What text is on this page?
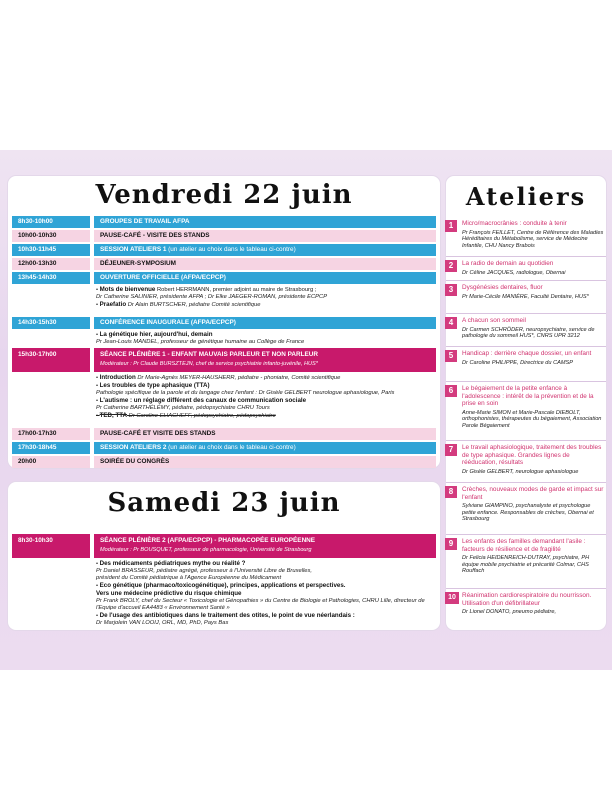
Vendredi 22 juin
8h30-10h00	GROUPES DE TRAVAIL AFPA
10h00-10h30	PAUSE-CAFÉ - VISITE DES STANDS
10h30-11h45	SESSION ATELIERS 1 (un atelier au choix dans le tableau ci-contre)
12h00-13h30	DÉJEUNER-SYMPOSIUM
13h45-14h30	OUVERTURE OFFICIELLE (AFPA/ECPCP)
• Mots de bienvenue Robert HERRMANN, premier adjoint au maire de Strasbourg ;
Dr Catherine SALINIER, présidente AFPA ; Dr Elke JAEGER-ROMAN, présidente ECPCP
• Praefatio Dr Alain BURTSCHER, pédiatre Comité scientifique
14h30-15h30	CONFÉRENCE INAUGURALE (AFPA/ECPCP)
• La génétique hier, aujourd'hui, demain
Pr Jean-Louis MANDEL, professeur de génétique humaine au Collège de France
15h30-17h00	SÉANCE PLÉNIÈRE 1 - ENFANT MAUVAIS PARLEUR ET NON PARLEUR
Modérateur : Pr Claude BURSZTEJN, chef de service psychiatrie infanto-juvénile, HUS*
• Introduction Dr Marie-Agnès MEYER-HAUSHERR, pédiatre - phoniatre, Comité scientifique
• Les troubles de type aphasique (TTA)
Pathologie spécifique de la parole et du langage chez l'enfant : Dr Gisèle GELBERT neurologue aphasiologue, Paris
• L'autisme : un réglage différent des canaux de communication sociale
Pr Catherine BARTHÉLÉMY, pédiatre, pédopsychiatre CHRU Tours
• TED, TTA Dr Caroline ELIACHEFF, pédopsychiatre, pédopsychiatre
17h00-17h30	PAUSE-CAFÉ ET VISITE DES STANDS
17h30-18h45	SESSION ATELIERS 2 (un atelier au choix dans le tableau ci-contre)
20h00	SOIRÉE DU CONGRÈS
Samedi 23 juin
8h30-10h30	SÉANCE PLÉNIÈRE 2 (AFPA/ECPCP) - PHARMACOPÉE EUROPÉENNE
Modérateur : Pr BOUSQUET, professeur de pharmacologie, Université de Strasbourg
• Des médicaments pédiatriques mythe ou réalité ?
Pr Daniel BRASSEUR, pédiatre agrégé, professeur à l'Université Libre de Bruxelles,
président du Comité pédiatrique à l'Agence Européenne du Médicament
• Eco génétique (pharmaco/toxicogénétique), principes, applications et perspectives.
Vers une médecine prédictive du risque chimique
Pr Frank BROLY, chef du Secteur « Toxicologie et Génopathies » du Centre de Biologie et Pathologies, CHRU Lille, directeur de l'Equipe d'accueil EA4483 « Environnement Santé »
• De l'usage des antibiotiques dans le traitement des otites, le point de vue néerlandais :
Dr Marjolein VAN LOOIJ, ORL, MD, PhD, Pays Bas
Ateliers
1	Micro/macrocrânies : conduite à tenir
Pr François FEILLET, Centre de Référence des Maladies Héréditaires du Métabolisme, service de Médecine Infantile, CHU Nancy Brabois
2	La radio de demain au quotidien
Dr Céline JACQUES, radiologue, Obernai
3	Dysgénésies dentaires, fluor
Pr Marie-Cécile MANIÈRE, Faculté Dentaire, HUS*
4	A chacun son sommeil
Dr Carmen SCHRÖDER, neuropsychiatre, service de pathologie du sommeil HUS*, CNRS UPR 3212
5	Handicap : derrière chaque dossier, un enfant
Dr Caroline PHILIPPE, Directrice du CAMSP
6	Le bégaiement de la petite enfance à l'adolescence : intérêt de la prévention et de la prise en soin
Anne-Marie SIMON et Marie-Pascale DIEBOLT, orthophonistes, thérapeutes du bégaiement, Association Parole Bégaiement
7	Le travail aphasiologique, traitement des troubles de type aphasique. Grandes lignes de rééducation, résultats
Dr Gisèle GELBERT, neurologue aphasiologue
8	Crèches, nouveaux modes de garde et impact sur l'enfant
Sylviane GIAMPINO, psychanalyste et psychologue petite enfance. Responsables de crèches, Obernai et Strasbourg
9	Les enfants des familles demandant l'asile : facteurs de résilience et de fragilité
Dr Felicia HEIDENREICH-DUTRAY, psychiatre, PH équipe mobile psychiatrie et précarité Colmar, CHS Rouffach
10 Réanimation cardiorespiratoire du nourrisson. Utilisation d'un défibrillateur
Dr Lionel DONATO, pneumo pédiatre,
